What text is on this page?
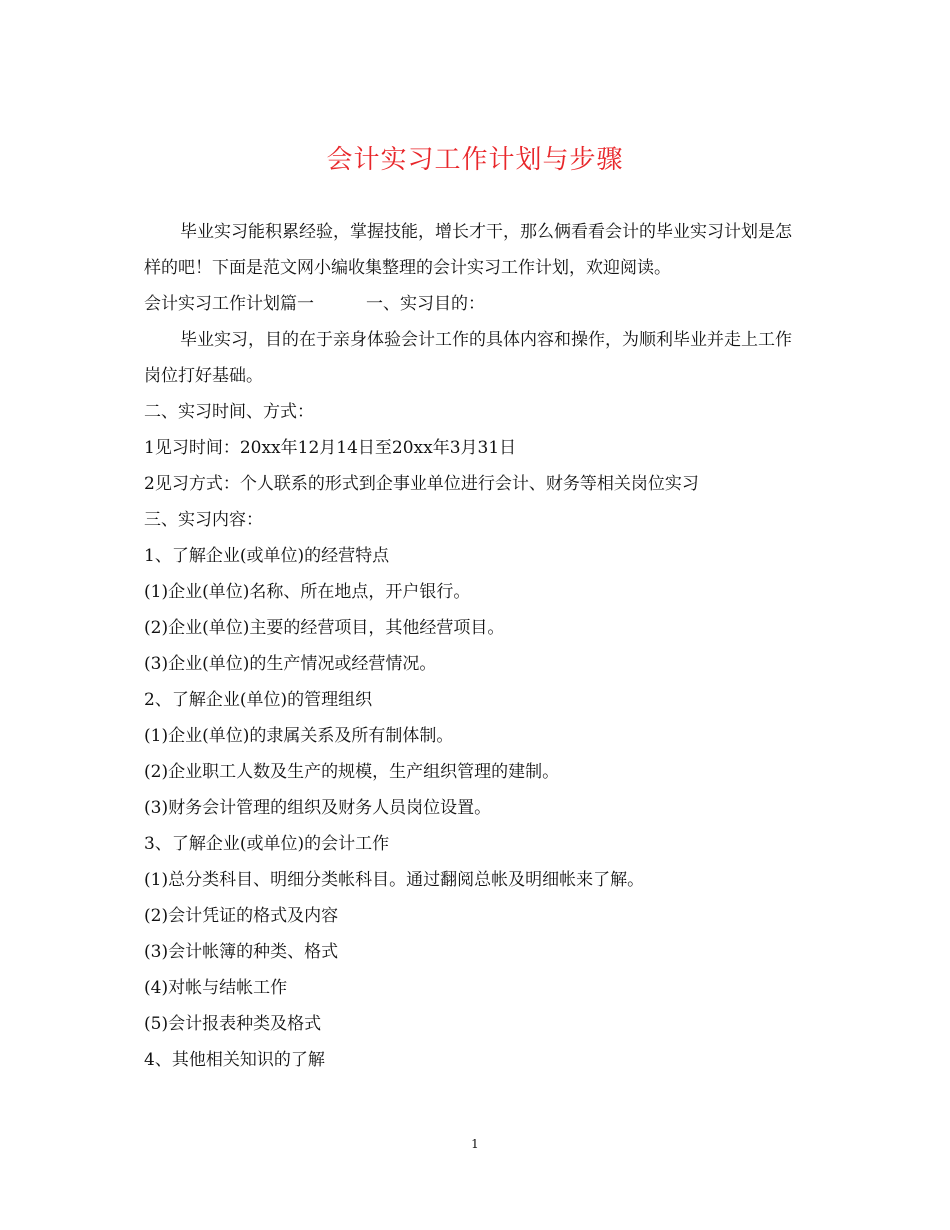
会计实习工作计划与步骤

毕业实习能积累经验，掌握技能，增长才干，那么俩看看会计的毕业实习计划是怎样的吧！下面是范文网小编收集整理的会计实习工作计划，欢迎阅读。

会计实习工作计划篇一	一、实习目的：

毕业实习，目的在于亲身体验会计工作的具体内容和操作，为顺利毕业并走上工作岗位打好基础。

二、实习时间、方式：

1见习时间：20xx年12月14日至20xx年3月31日

2见习方式：个人联系的形式到企事业单位进行会计、财务等相关岗位实习

三、实习内容：

1、了解企业(或单位)的经营特点

(1)企业(单位)名称、所在地点，开户银行。

(2)企业(单位)主要的经营项目，其他经营项目。

(3)企业(单位)的生产情况或经营情况。

2、了解企业(单位)的管理组织

(1)企业(单位)的隶属关系及所有制体制。

(2)企业职工人数及生产的规模，生产组织管理的建制。

(3)财务会计管理的组织及财务人员岗位设置。

3、了解企业(或单位)的会计工作

(1)总分类科目、明细分类帐科目。通过翻阅总帐及明细帐来了解。

(2)会计凭证的格式及内容

(3)会计帐簿的种类、格式

(4)对帐与结帐工作

(5)会计报表种类及格式

4、其他相关知识的了解

1
